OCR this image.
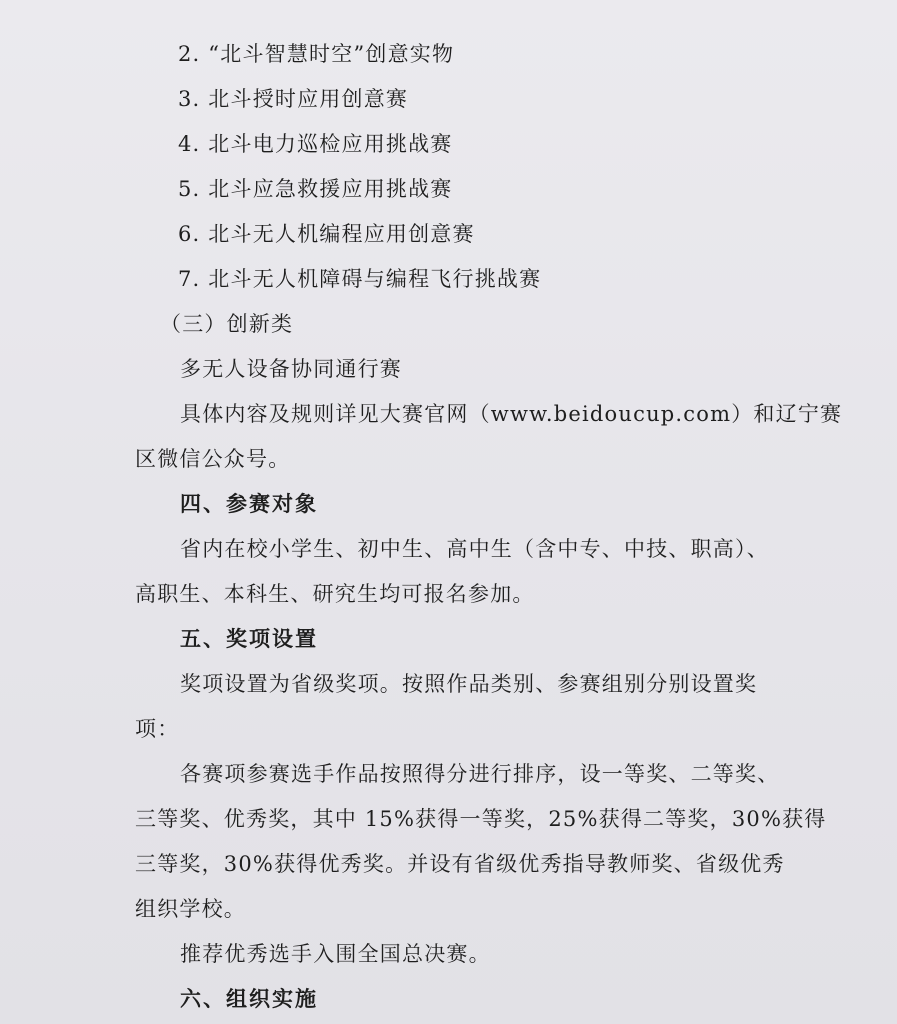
2. “北斗智慧时空”创意实物
3. 北斗授时应用创意赛
4. 北斗电力巡检应用挑战赛
5. 北斗应急救援应用挑战赛
6. 北斗无人机编程应用创意赛
7. 北斗无人机障碍与编程飞行挑战赛
（三）创新类
多无人设备协同通行赛
具体内容及规则详见大赛官网（www.beidoucup.com）和辽宁赛
区微信公众号。
四、参赛对象
省内在校小学生、初中生、高中生（含中专、中技、职高）、
高职生、本科生、研究生均可报名参加。
五、奖项设置
奖项设置为省级奖项。按照作品类别、参赛组别分别设置奖
项：
各赛项参赛选手作品按照得分进行排序，设一等奖、二等奖、
三等奖、优秀奖，其中 15%获得一等奖，25%获得二等奖，30%获得
三等奖，30%获得优秀奖。并设有省级优秀指导教师奖、省级优秀
组织学校。
推荐优秀选手入围全国总决赛。
六、组织实施
